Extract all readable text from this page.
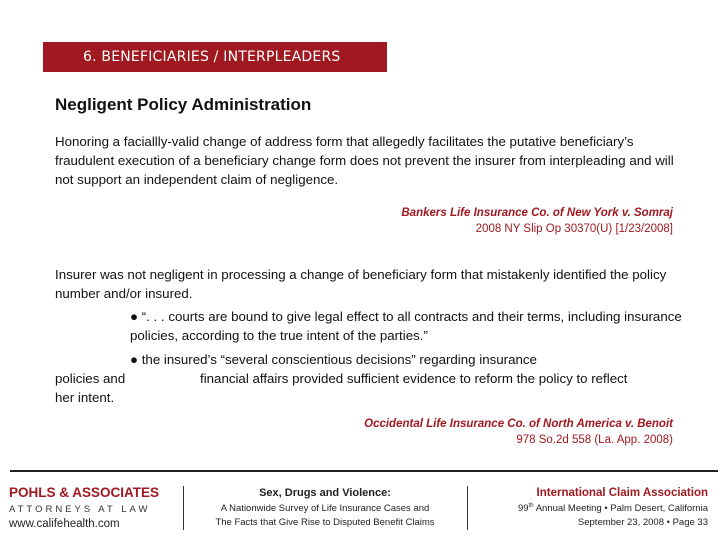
6. BENEFICIARIES / INTERPLEADERS
Negligent Policy Administration
Honoring a faciallly-valid change of address form that allegedly facilitates the putative beneficiary’s fraudulent execution of a beneficiary change form does not prevent the insurer from interpleading and will not support an independent claim of negligence.
Bankers Life Insurance Co. of New York v. Somraj
2008 NY Slip Op 30370(U) [1/23/2008]
Insurer was not negligent in processing a change of beneficiary form that mistakenly identified the policy number and/or insured.
● “. . . courts are bound to give legal effect to all contracts and their terms, including insurance policies, according to the true intent of the parties.”
● the insured’s “several conscientious decisions” regarding insurance
policies and	financial affairs provided sufficient evidence to reform the policy to reflect
her intent.
Occidental Life Insurance Co. of North America v. Benoit
978 So.2d 558 (La. App. 2008)
POHLS & ASSOCIATES
ATTORNEYS AT LAW
www.califehealth.com
Sex, Drugs and Violence:
A Nationwide Survey of Life Insurance Cases and
The Facts that Give Rise to Disputed Benefit Claims
International Claim Association
99th Annual Meeting • Palm Desert, California
September 23, 2008 • Page 33
